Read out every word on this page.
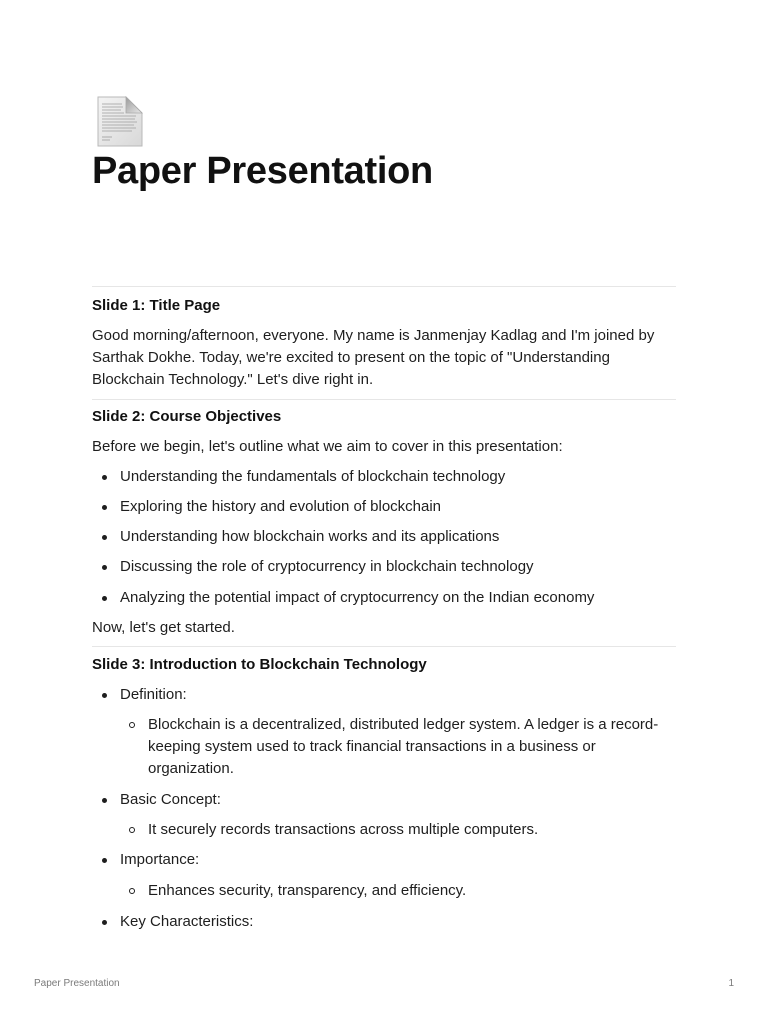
Paper Presentation

Slide 1: Title Page

Good morning/afternoon, everyone. My name is Janmenjay Kadlag and I'm joined by Sarthak Dokhe. Today, we're excited to present on the topic of "Understanding Blockchain Technology." Let's dive right in.

Slide 2: Course Objectives

Before we begin, let's outline what we aim to cover in this presentation:

Understanding the fundamentals of blockchain technology
Exploring the history and evolution of blockchain
Understanding how blockchain works and its applications
Discussing the role of cryptocurrency in blockchain technology
Analyzing the potential impact of cryptocurrency on the Indian economy

Now, let's get started.

Slide 3: Introduction to Blockchain Technology

Definition:
Blockchain is a decentralized, distributed ledger system. A ledger is a record-keeping system used to track financial transactions in a business or organization.
Basic Concept:
It securely records transactions across multiple computers.
Importance:
Enhances security, transparency, and efficiency.
Key Characteristics:
Paper Presentation	1
